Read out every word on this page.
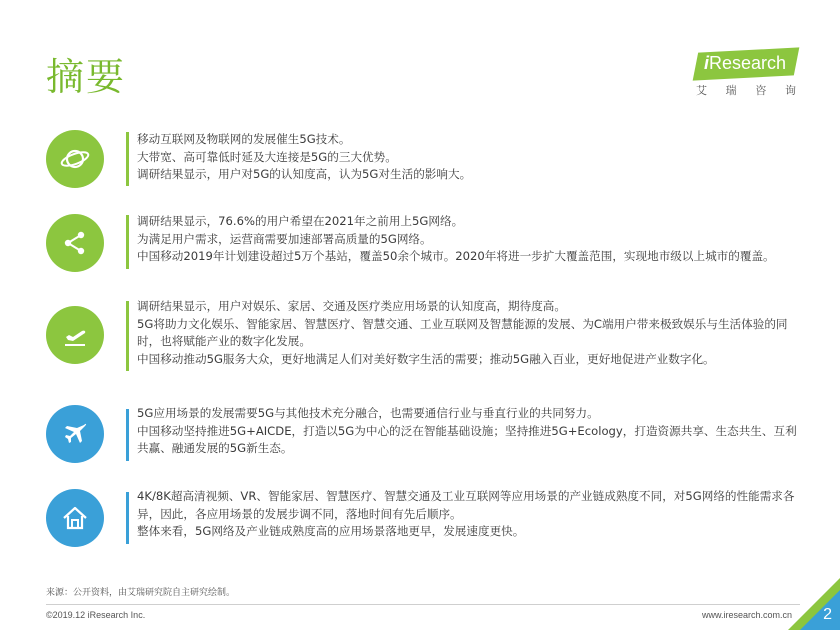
摘要	iResearch
艾 瑞 咨 询

移动互联网及物联网的发展催生5G技术。

大带宽、高可靠低时延及大连接是5G的三大优势。

调研结果显示，用户对5G的认知度高，认为5G对生活的影响大。

调研结果显示，76.6%的用户希望在2021年之前用上5G网络。

为满足用户需求，运营商需要加速部署高质量的5G网络。

中国移动2019年计划建设超过5万个基站，覆盖50余个城市。2020年将进一步扩大覆盖范围，实现地市级以上城市的覆盖。

调研结果显示，用户对娱乐、家居、交通及医疗类应用场景的认知度高，期待度高。

5G将助力文化娱乐、智能家居、智慧医疗、智慧交通、工业互联网及智慧能源的发展、为C端用户带来极致娱乐与生活体验的同时，也将赋能产业的数字化发展。

中国移动推动5G服务大众，更好地满足人们对美好数字生活的需要；推动5G融入百业，更好地促进产业数字化。

5G应用场景的发展需要5G与其他技术充分融合，也需要通信行业与垂直行业的共同努力。

中国移动坚持推进5G+AICDE，打造以5G为中心的泛在智能基础设施；坚持推进5G+Ecology，打造资源共享、生态共生、互利共赢、融通发展的5G新生态。

4K/8K超高清视频、VR、智能家居、智慧医疗、智慧交通及工业互联网等应用场景的产业链成熟度不同，对5G网络的性能需求各异，因此，各应用场景的发展步调不同，落地时间有先后顺序。

整体来看，5G网络及产业链成熟度高的应用场景落地更早，发展速度更快。

来源：公开资料，由艾瑞研究院自主研究绘制。
©2019.12 iResearch Inc.	www.iresearch.com.cn 2
